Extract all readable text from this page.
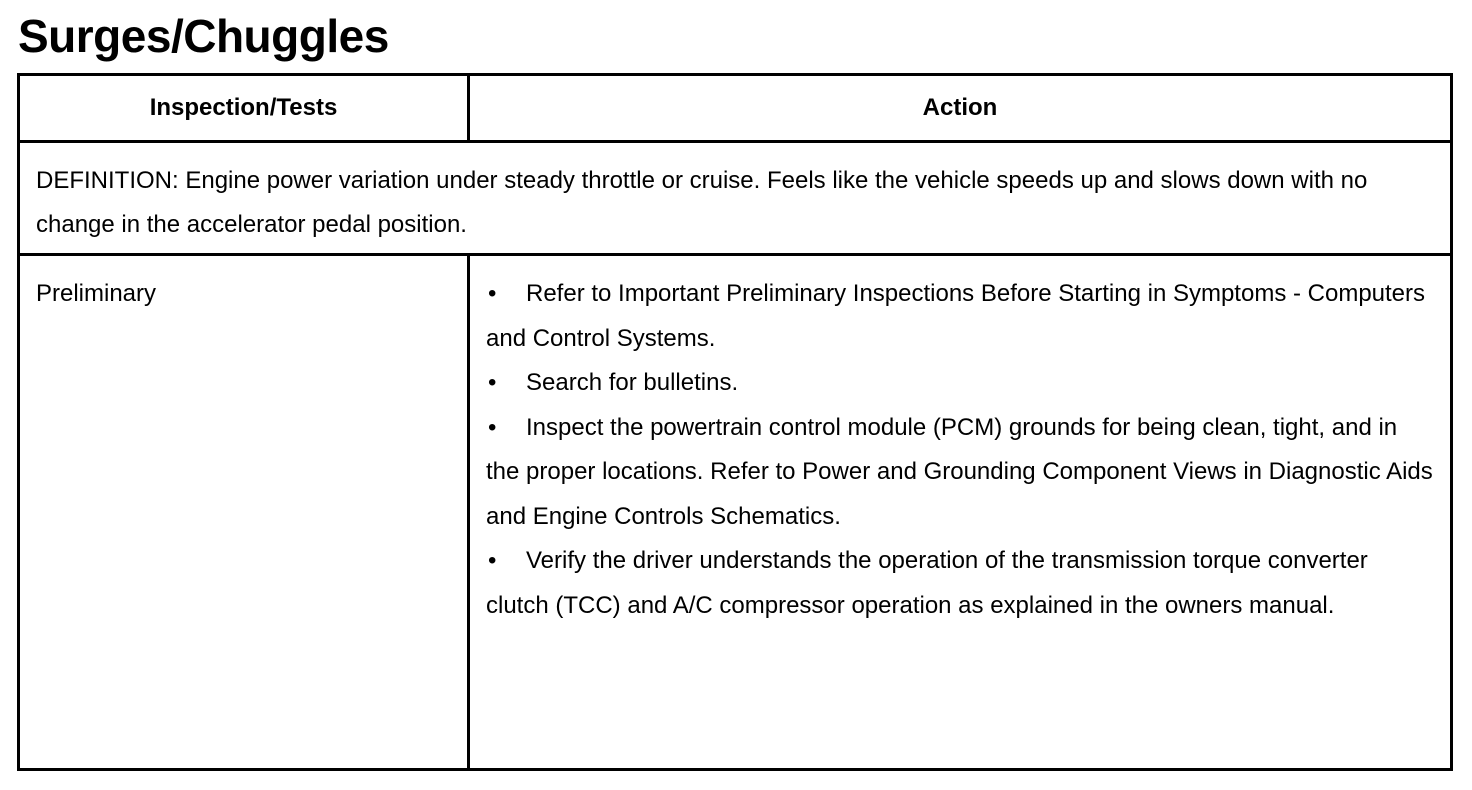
Surges/Chuggles
Inspection/Tests	Action
DEFINITION: Engine power variation under steady throttle or cruise. Feels like the vehicle speeds up and slows down with no change in the accelerator pedal position.	
Preliminary	• Refer to Important Preliminary Inspections Before Starting in Symptoms - Computers and Control Systems.

• Search for bulletins.

• Inspect the powertrain control module (PCM) grounds for being clean, tight, and in the proper locations. Refer to Power and Grounding Component Views in Diagnostic Aids and Engine Controls Schematics.

• Verify the driver understands the operation of the transmission torque converter clutch (TCC) and A/C compressor operation as explained in the owners manual.
